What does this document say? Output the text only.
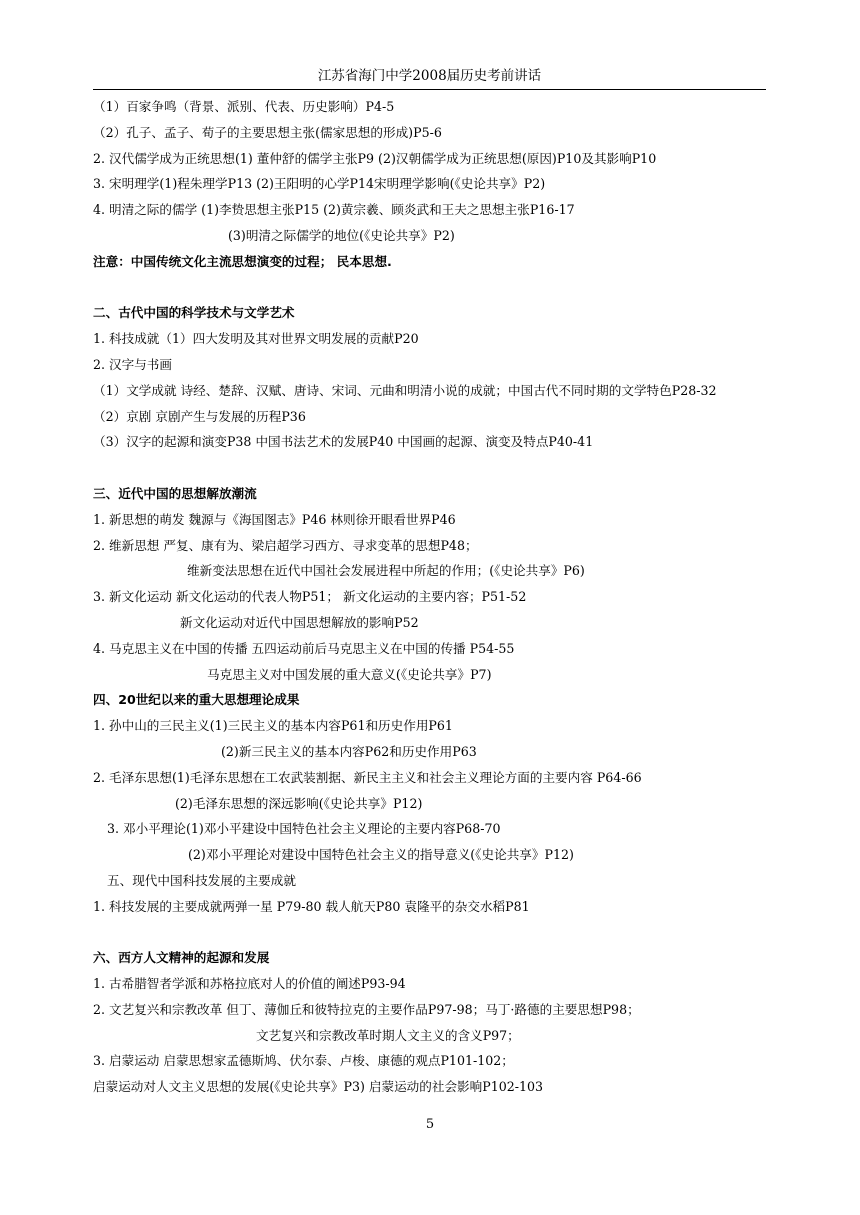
江苏省海门中学2008届历史考前讲话
（1）百家争鸣（背景、派别、代表、历史影响）P4-5
（2）孔子、孟子、荀子的主要思想主张(儒家思想的形成)P5-6
2. 汉代儒学成为正统思想(1) 董仲舒的儒学主张P9 (2)汉朝儒学成为正统思想(原因)P10及其影响P10
3. 宋明理学(1)程朱理学P13 (2)王阳明的心学P14宋明理学影响(《史论共享》P2)
4. 明清之际的儒学 (1)李贽思想主张P15 (2)黄宗羲、顾炎武和王夫之思想主张P16-17
(3)明清之际儒学的地位(《史论共享》P2)
注意：中国传统文化主流思想演变的过程； 民本思想.
二、古代中国的科学技术与文学艺术
1. 科技成就（1）四大发明及其对世界文明发展的贡献P20
2. 汉字与书画
（1）文学成就 诗经、楚辞、汉赋、唐诗、宋词、元曲和明清小说的成就；中国古代不同时期的文学特色P28-32
（2）京剧 京剧产生与发展的历程P36
（3）汉字的起源和演变P38 中国书法艺术的发展P40 中国画的起源、演变及特点P40-41
三、近代中国的思想解放潮流
1. 新思想的萌发 魏源与《海国图志》P46 林则徐开眼看世界P46
2. 维新思想 严复、康有为、梁启超学习西方、寻求变革的思想P48；
维新变法思想在近代中国社会发展进程中所起的作用；(《史论共享》P6)
3. 新文化运动 新文化运动的代表人物P51； 新文化运动的主要内容；P51-52
新文化运动对近代中国思想解放的影响P52
4. 马克思主义在中国的传播 五四运动前后马克思主义在中国的传播 P54-55
马克思主义对中国发展的重大意义(《史论共享》P7)
四、20世纪以来的重大思想理论成果
1. 孙中山的三民主义(1)三民主义的基本内容P61和历史作用P61
(2)新三民主义的基本内容P62和历史作用P63
2. 毛泽东思想(1)毛泽东思想在工农武装割据、新民主主义和社会主义理论方面的主要内容 P64-66
(2)毛泽东思想的深远影响(《史论共享》P12)
3. 邓小平理论(1)邓小平建设中国特色社会主义理论的主要内容P68-70
(2)邓小平理论对建设中国特色社会主义的指导意义(《史论共享》P12)
五、现代中国科技发展的主要成就
1. 科技发展的主要成就两弹一星 P79-80 载人航天P80 袁隆平的杂交水稻P81
六、西方人文精神的起源和发展
1. 古希腊智者学派和苏格拉底对人的价值的阐述P93-94
2. 文艺复兴和宗教改革 但丁、薄伽丘和彼特拉克的主要作品P97-98；马丁·路德的主要思想P98；
文艺复兴和宗教改革时期人文主义的含义P97；
3. 启蒙运动 启蒙思想家孟德斯鸠、伏尔泰、卢梭、康德的观点P101-102；
启蒙运动对人文主义思想的发展(《史论共享》P3) 启蒙运动的社会影响P102-103
5
